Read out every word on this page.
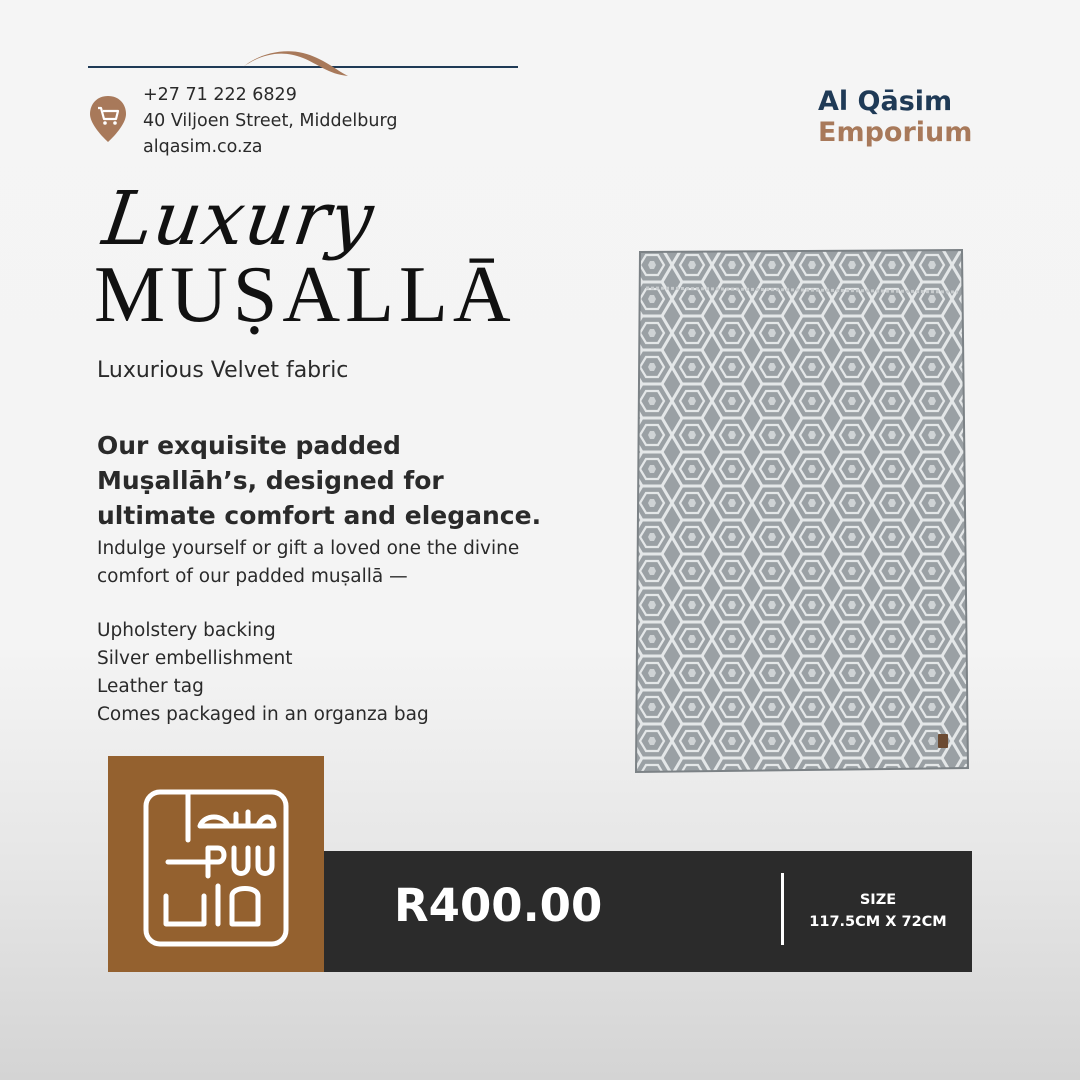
+27 71 222 6829
40 Viljoen Street, Middelburg
alqasim.co.za
Al Qāsim
Emporium
Luxury
MUṢALLĀ
Luxurious Velvet fabric
Our exquisite padded Muṣallāh’s, designed for ultimate comfort and elegance.
Indulge yourself or gift a loved one the divine comfort of our padded muṣallā —
Upholstery backing
Silver embellishment
Leather tag
Comes packaged in an organza bag
R400.00	SIZE
117.5CM X 72CM
